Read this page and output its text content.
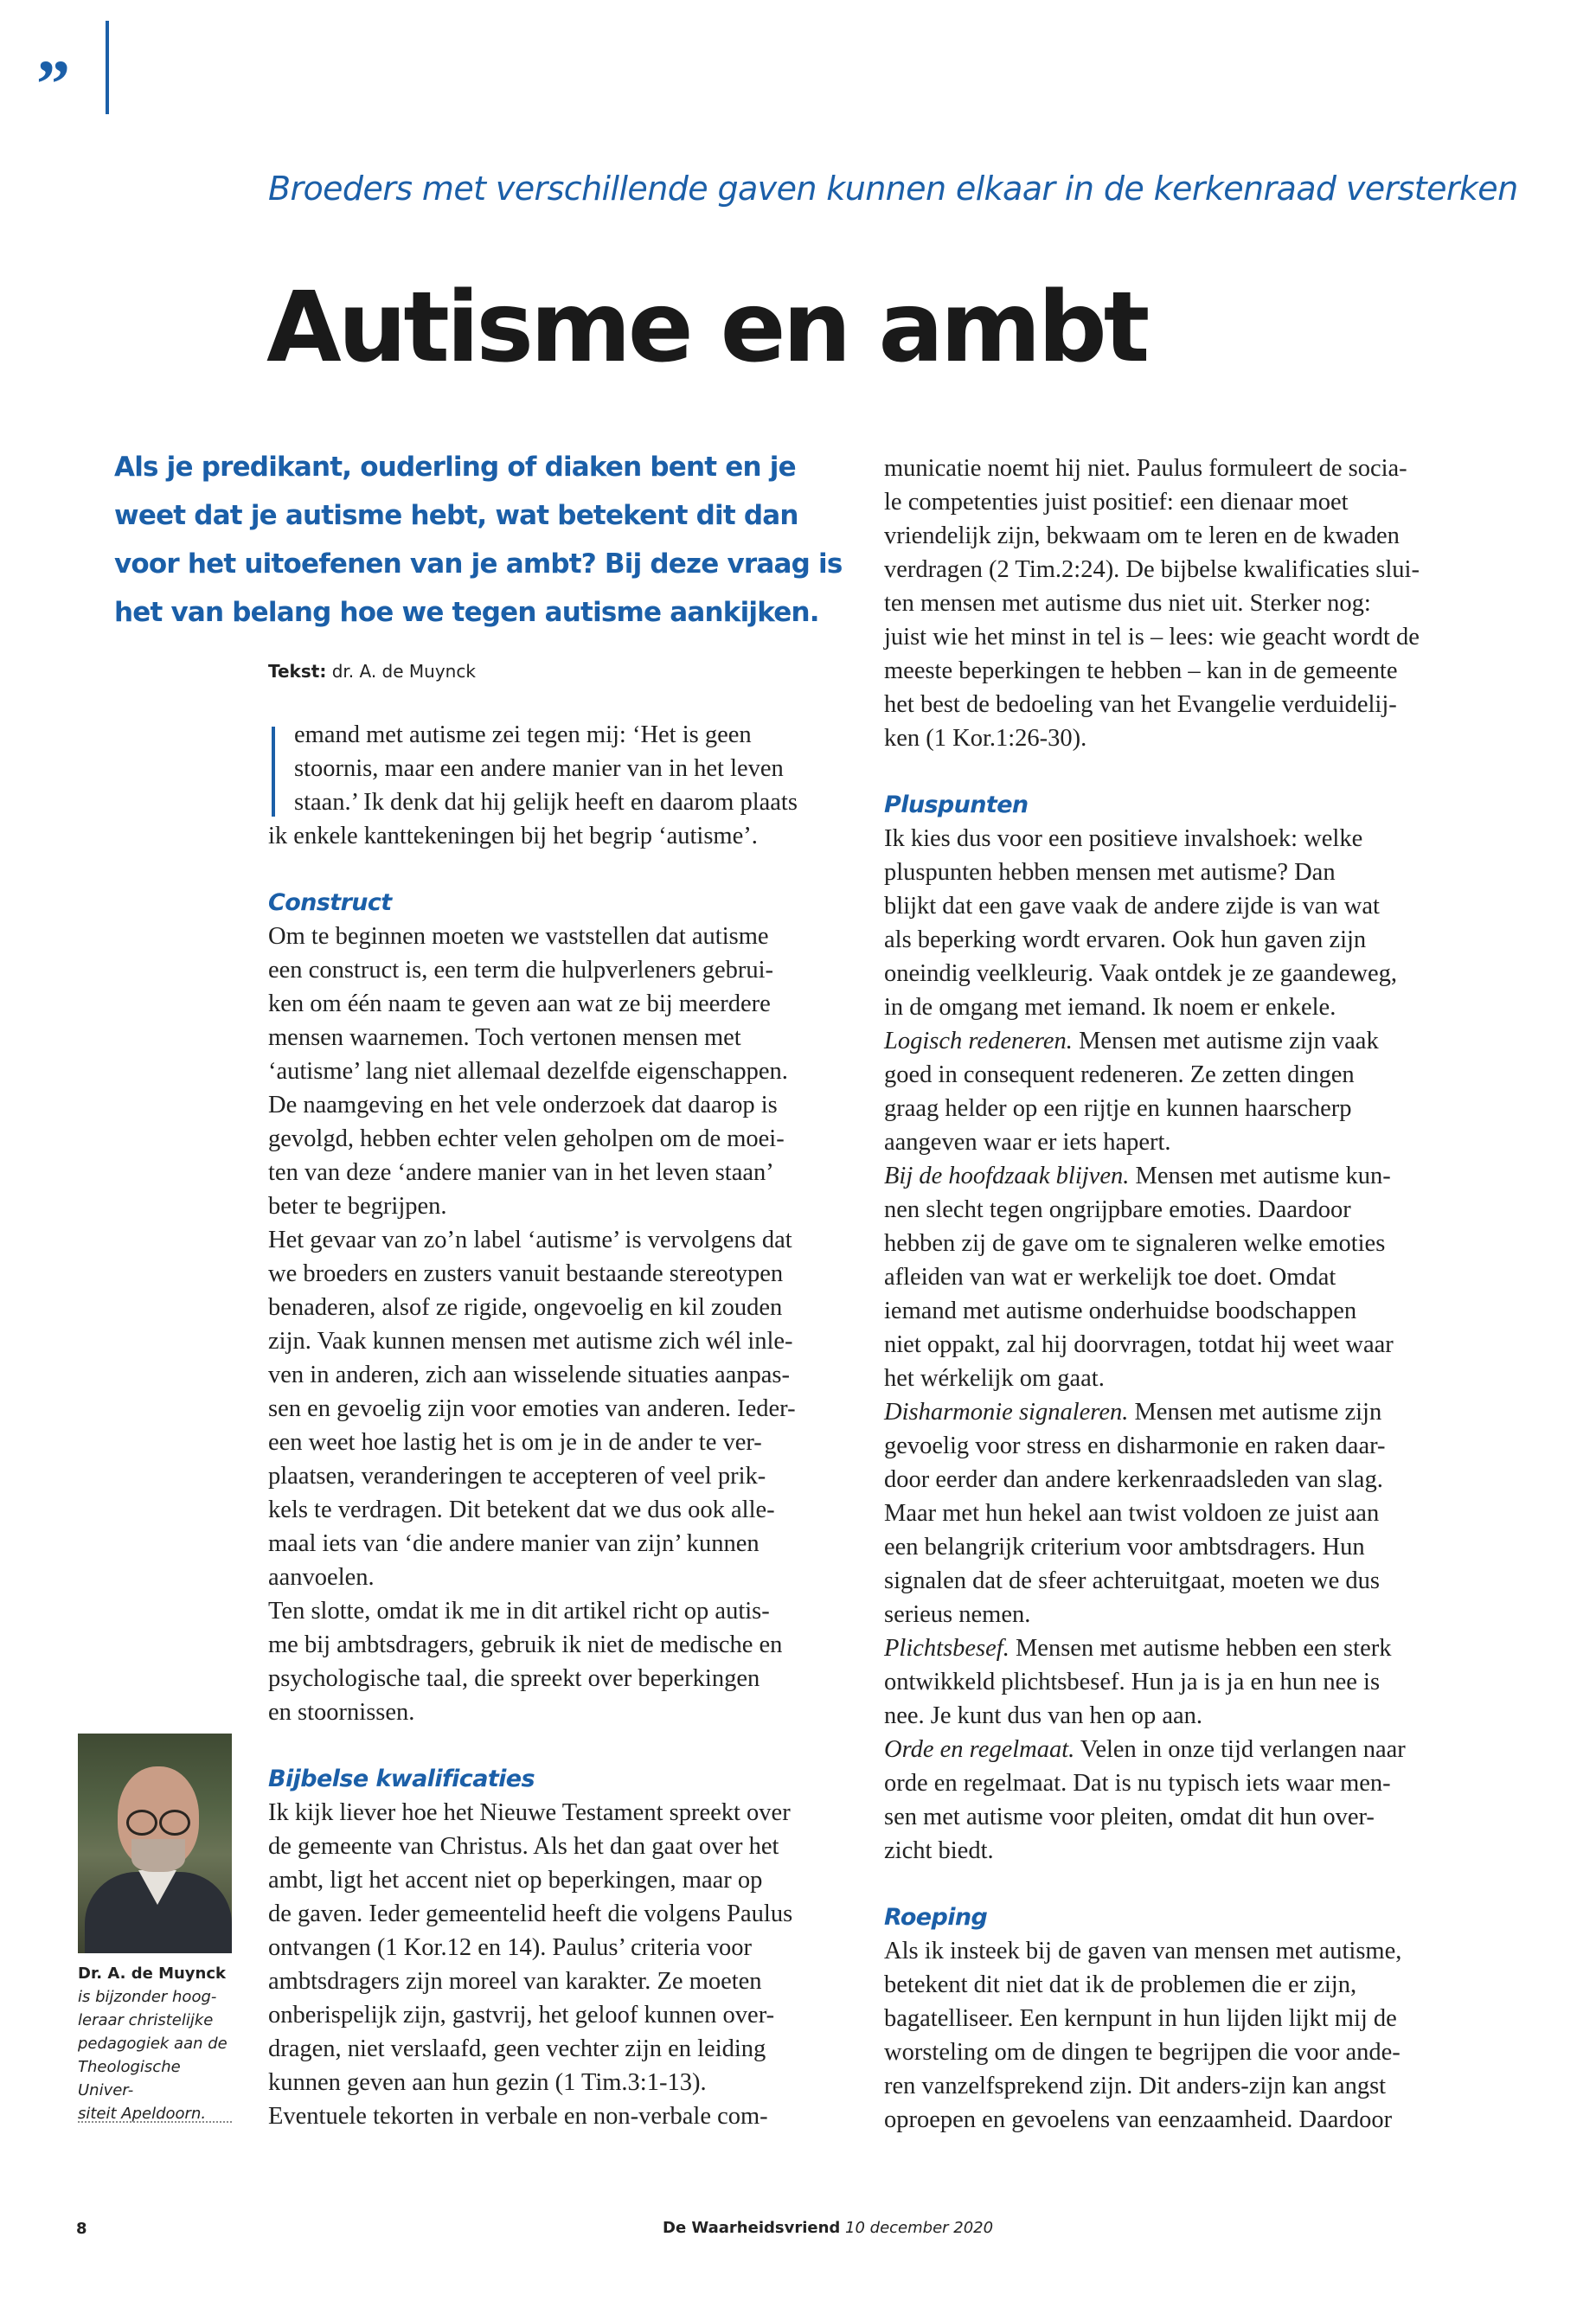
”
Broeders met verschillende gaven kunnen elkaar in de kerkenraad versterken
Autisme en ambt

Als je predikant, ouderling of diaken bent en je weet dat je autisme hebt, wat betekent dit dan voor het uitoefenen van je ambt? Bij deze vraag is het van belang hoe we tegen autisme aankijken.

Tekst: dr. A. de Muynck

emand met autisme zei tegen mij: ‘Het is geen

stoornis, maar een andere manier van in het leven

staan.’ Ik denk dat hij gelijk heeft en daarom plaats

ik enkele kanttekeningen bij het begrip ‘autisme’.

Construct

Om te beginnen moeten we vaststellen dat autisme

een construct is, een term die hulpverleners gebrui-

ken om één naam te geven aan wat ze bij meerdere

mensen waarnemen. Toch vertonen mensen met

‘autisme’ lang niet allemaal dezelfde eigenschappen.

De naamgeving en het vele onderzoek dat daarop is

gevolgd, hebben echter velen geholpen om de moei-

ten van deze ‘andere manier van in het leven staan’

beter te begrijpen.

Het gevaar van zo’n label ‘autisme’ is vervolgens dat

we broeders en zusters vanuit bestaande stereotypen

benaderen, alsof ze rigide, ongevoelig en kil zouden

zijn. Vaak kunnen mensen met autisme zich wél inle-

ven in anderen, zich aan wisselende situaties aanpas-

sen en gevoelig zijn voor emoties van anderen. Ieder-

een weet hoe lastig het is om je in de ander te ver-

plaatsen, veranderingen te accepteren of veel prik-

kels te verdragen. Dit betekent dat we dus ook alle-

maal iets van ‘die andere manier van zijn’ kunnen

aanvoelen.

Ten slotte, omdat ik me in dit artikel richt op autis-

me bij ambtsdragers, gebruik ik niet de medische en

psychologische taal, die spreekt over beperkingen

en stoornissen.

Bijbelse kwalificaties

Ik kijk liever hoe het Nieuwe Testament spreekt over

de gemeente van Christus. Als het dan gaat over het

ambt, ligt het accent niet op beperkingen, maar op

de gaven. Ieder gemeentelid heeft die volgens Paulus

ontvangen (1 Kor.12 en 14). Paulus’ criteria voor

ambtsdragers zijn moreel van karakter. Ze moeten

onberispelijk zijn, gastvrij, het geloof kunnen over-

dragen, niet verslaafd, geen vechter zijn en leiding

kunnen geven aan hun gezin (1 Tim.3:1-13).

Eventuele tekorten in verbale en non-verbale com-

municatie noemt hij niet. Paulus formuleert de socia-

le competenties juist positief: een dienaar moet

vriendelijk zijn, bekwaam om te leren en de kwaden

verdragen (2 Tim.2:24). De bijbelse kwalificaties slui-

ten mensen met autisme dus niet uit. Sterker nog:

juist wie het minst in tel is – lees: wie geacht wordt de

meeste beperkingen te hebben – kan in de gemeente

het best de bedoeling van het Evangelie verduidelij-

ken (1 Kor.1:26-30).

Pluspunten

Ik kies dus voor een positieve invalshoek: welke

pluspunten hebben mensen met autisme? Dan

blijkt dat een gave vaak de andere zijde is van wat

als beperking wordt ervaren. Ook hun gaven zijn

oneindig veelkleurig. Vaak ontdek je ze gaandeweg,

in de omgang met iemand. Ik noem er enkele.

Logisch redeneren. Mensen met autisme zijn vaak

goed in consequent redeneren. Ze zetten dingen

graag helder op een rijtje en kunnen haarscherp

aangeven waar er iets hapert.

Bij de hoofdzaak blijven. Mensen met autisme kun-

nen slecht tegen ongrijpbare emoties. Daardoor

hebben zij de gave om te signaleren welke emoties

afleiden van wat er werkelijk toe doet. Omdat

iemand met autisme onderhuidse boodschappen

niet oppakt, zal hij doorvragen, totdat hij weet waar

het wérkelijk om gaat.

Disharmonie signaleren. Mensen met autisme zijn

gevoelig voor stress en disharmonie en raken daar-

door eerder dan andere kerkenraadsleden van slag.

Maar met hun hekel aan twist voldoen ze juist aan

een belangrijk criterium voor ambtsdragers. Hun

signalen dat de sfeer achteruitgaat, moeten we dus

serieus nemen.

Plichtsbesef. Mensen met autisme hebben een sterk

ontwikkeld plichtsbesef. Hun ja is ja en hun nee is

nee. Je kunt dus van hen op aan.

Orde en regelmaat. Velen in onze tijd verlangen naar

orde en regelmaat. Dat is nu typisch iets waar men-

sen met autisme voor pleiten, omdat dit hun over-

zicht biedt.

Roeping

Als ik insteek bij de gaven van mensen met autisme,

betekent dit niet dat ik de problemen die er zijn,

bagatelliseer. Een kernpunt in hun lijden lijkt mij de

worsteling om de dingen te begrijpen die voor ande-

ren vanzelfsprekend zijn. Dit anders-zijn kan angst

oproepen en gevoelens van eenzaamheid. Daardoor

Dr. A. de Muynck
is bijzonder hoog-
leraar christelijke
pedagogiek aan de
Theologische Univer-
siteit Apeldoorn.
8	De Waarheidsvriend 10 december 2020
